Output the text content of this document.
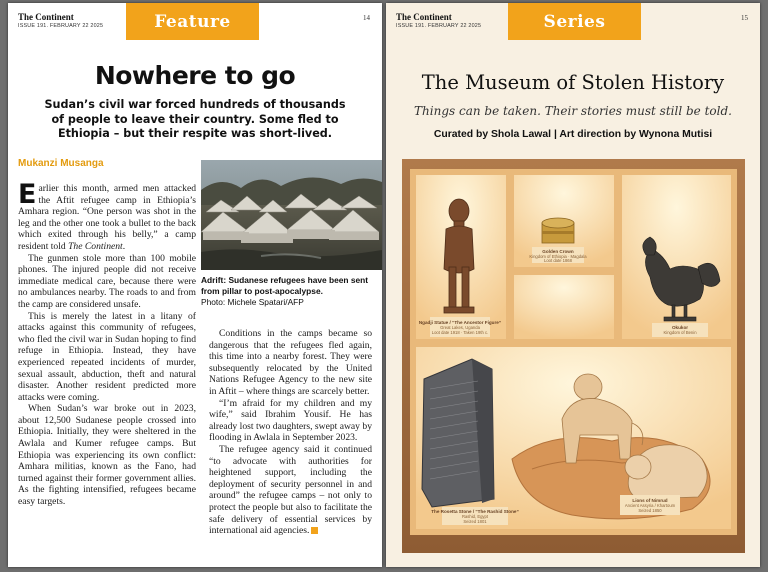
The Continent
ISSUE 191. FEBRUARY 22 2025	Feature	14
Nowhere to go
Sudan’s civil war forced hundreds of thousands of people to leave their country. Some fled to Ethiopia – but their respite was short-lived.
Mukanzi Musanga
Adrift: Sudanese refugees have been sent from pillar to post-apocalypse.
Photo: Michele Spatari/AFP

Earlier this month, armed men attacked the Aftit refugee camp in Ethiopia’s Amhara region. “One person was shot in the leg and the other one took a bullet to the back which exited through his belly,” a camp resident told The Continent.

The gunmen stole more than 100 mobile phones. The injured people did not receive immediate medical care, because there were no ambulances nearby. The roads to and from the camp are considered unsafe.

This is merely the latest in a litany of attacks against this community of refugees, who fled the civil war in Sudan hoping to find refuge in Ethiopia. Instead, they have experienced repeated incidents of murder, sexual assault, abduction, theft and natural disaster. Another resident predicted more attacks were coming.

When Sudan’s war broke out in 2023, about 12,500 Sudanese people crossed into Ethiopia. Initially, they were sheltered in the Awlala and Kumer refugee camps. But Ethiopia was experiencing its own conflict: Amhara militias, known as the Fano, had turned against their former government allies. As the fighting intensified, refugees became easy targets.

Conditions in the camps became so dangerous that the refugees fled again, this time into a nearby forest. They were subsequently relocated by the United Nations Refugee Agency to the new site in Aftit – where things are scarcely better.

“I’m afraid for my children and my wife,” said Ibrahim Yousif. He has already lost two daughters, swept away by flooding in Awlala in September 2023.

The refugee agency said it continued “to advocate with authorities for heightened support, including the deployment of security personnel in and around” the refugee camps – not only to protect the people but also to facilitate the safe delivery of essential services by international aid agencies.

The Continent
ISSUE 191. FEBRUARY 22 2025	Series	15
The Museum of Stolen History
Things can be taken. Their stories must still be told.
Curated by Shola Lawal | Art direction by Wynona Mutisi
Ngadji Statue / “The Ancestor Figure”
Great Lakes, Uganda
Loot date 1918 · Taken 19th c.
Golden Crown
Kingdom of Ethiopia · Magdala
Loot date 1868
Okukor
Kingdom of Benin
The Rosetta Stone / “The Rashid Stone”
Rashid, Egypt
Seized 1801
Lions of Nimrud
Ancient Assyria / Khartoum
Seized 1850
